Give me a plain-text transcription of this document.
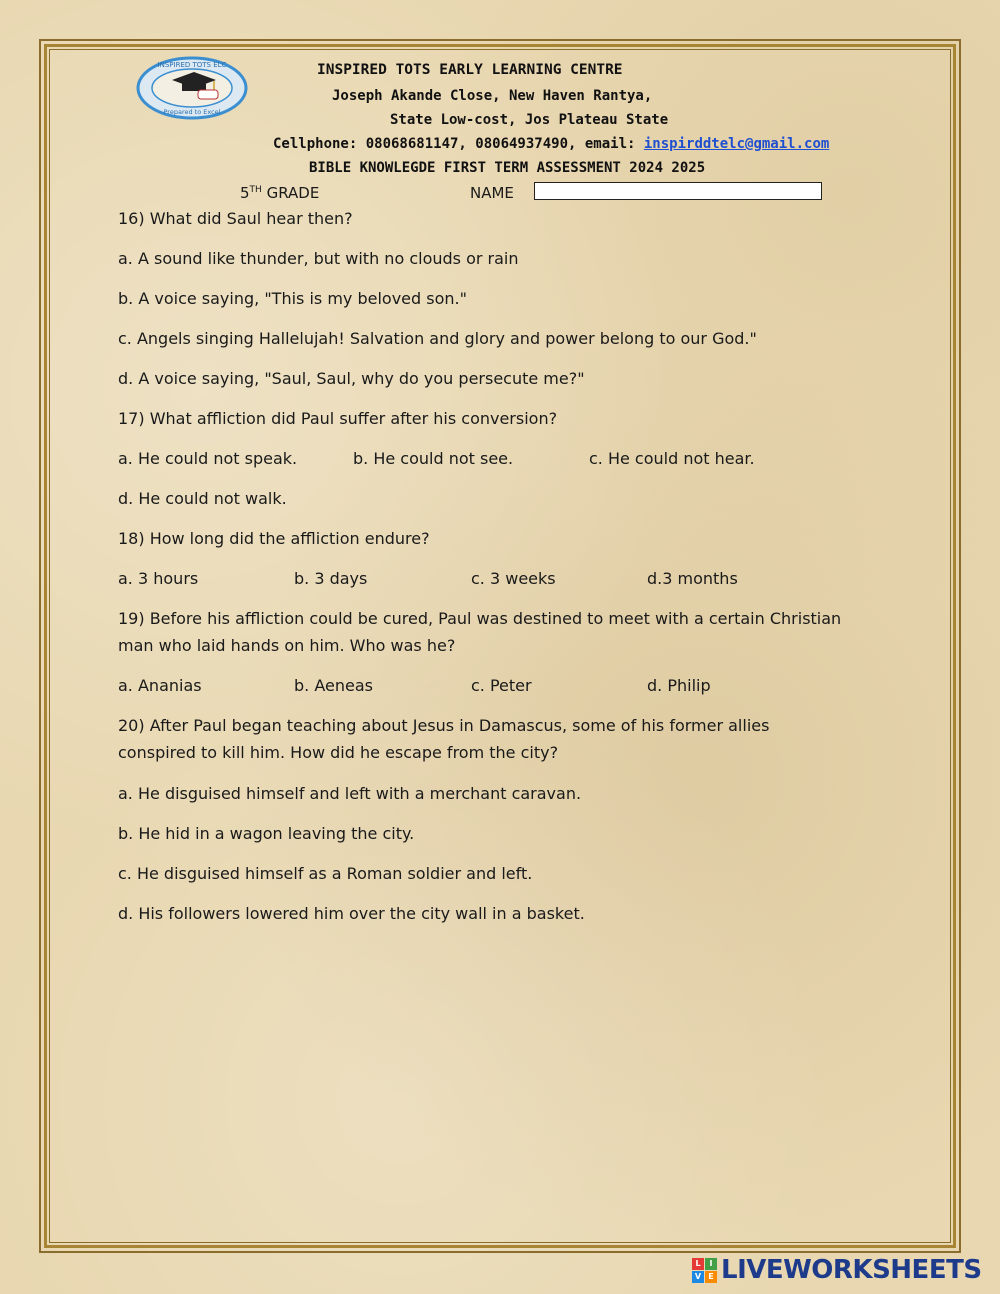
INSPIRED TOTS ELC
Prepared to Excel
INSPIRED TOTS EARLY LEARNING CENTRE
Joseph Akande Close, New Haven Rantya,
State Low-cost, Jos Plateau State
Cellphone: 08068681147, 08064937490, email: inspirddtelc@gmail.com
BIBLE KNOWLEGDE FIRST TERM ASSESSMENT 2024 2025
5TH GRADE	NAME
16) What did Saul hear then?
a. A sound like thunder, but with no clouds or rain
b. A voice saying, "This is my beloved son."
c. Angels singing Hallelujah! Salvation and glory and power belong to our God."
d. A voice saying, "Saul, Saul, why do you persecute me?"
17) What affliction did Paul suffer after his conversion?
a. He could not speak.	b. He could not see.	c. He could not hear.
d. He could not walk.
18) How long did the affliction endure?
a. 3 hours	b. 3 days	c. 3 weeks	d.3 months
19) Before his affliction could be cured, Paul was destined to meet with a certain Christian
man who laid hands on him. Who was he?
a. Ananias	b. Aeneas	c. Peter	d. Philip
20) After Paul began teaching about Jesus in Damascus, some of his former allies
conspired to kill him. How did he escape from the city?
a. He disguised himself and left with a merchant caravan.
b. He hid in a wagon leaving the city.
c. He disguised himself as a Roman soldier and left.
d. His followers lowered him over the city wall in a basket.
L	I
V E LIVEWORKSHEETS
